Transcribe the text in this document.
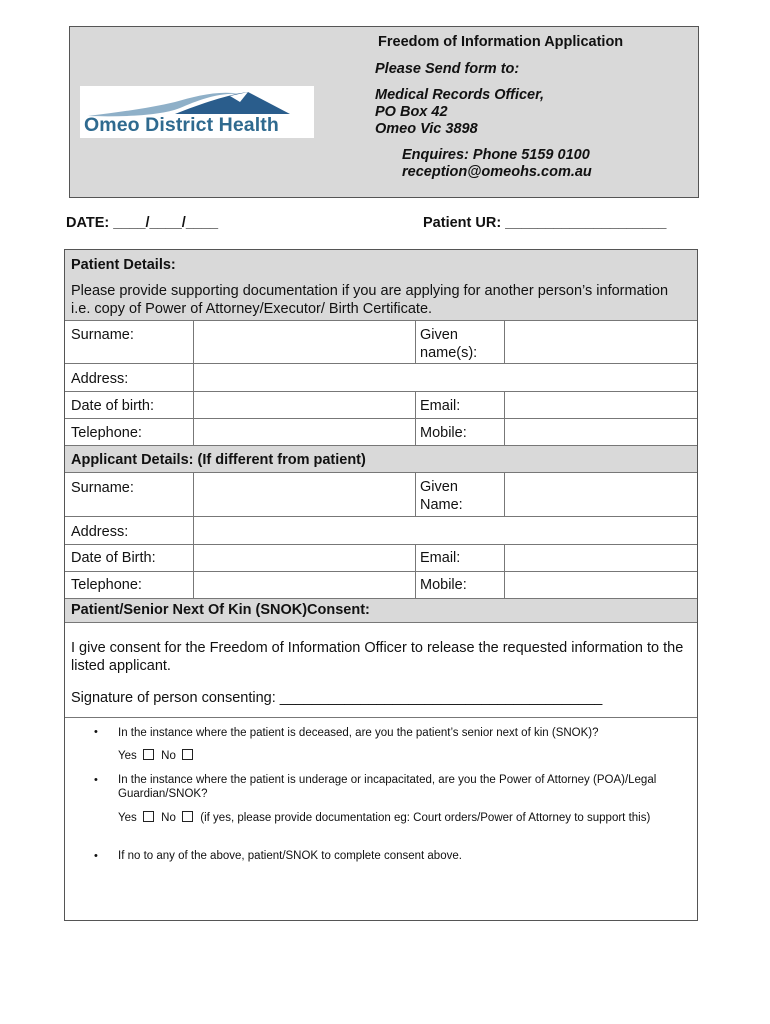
Omeo District Health
Freedom of Information Application
Please Send form to:
Medical Records Officer,
PO Box 42
Omeo Vic 3898
Enquires: Phone 5159 0100
reception@omeohs.com.au
DATE: ____/____/____	Patient UR: ____________________
Patient Details:
Please provide supporting documentation if you are applying for another person’s information i.e. copy of Power of Attorney/Executor/ Birth Certificate.
Surname:	Given name(s):
Address:
Date of birth:	Email:
Telephone:	Mobile:
Applicant Details: (If different from patient)
Surname:	Given Name:
Address:
Date of Birth:	Email:
Telephone:	Mobile:
Patient/Senior Next Of Kin (SNOK)Consent:
I give consent for the Freedom of Information Officer to release the requested information to the listed applicant.
Signature of person consenting: ________________________________________
• In the instance where the patient is deceased, are you the patient’s senior next of kin (SNOK)?
Yes No
• In the instance where the patient is underage or incapacitated, are you the Power of Attorney (POA)/Legal Guardian/SNOK?
Yes No (if yes, please provide documentation eg: Court orders/Power of Attorney to support this)
• If no to any of the above, patient/SNOK to complete consent above.
